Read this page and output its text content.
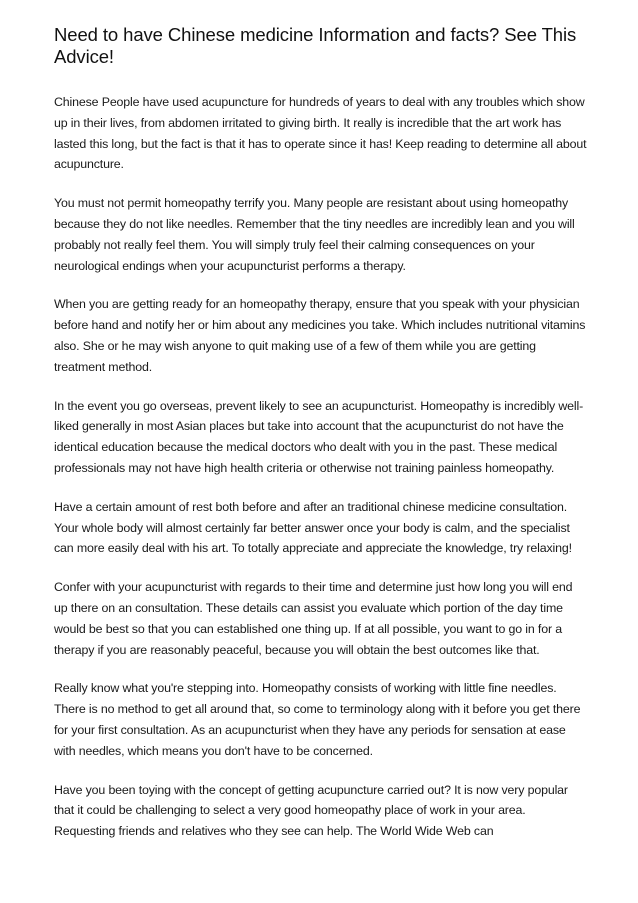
Need to have Chinese medicine Information and facts? See This Advice!

Chinese People have used acupuncture for hundreds of years to deal with any troubles which show up in their lives, from abdomen irritated to giving birth. It really is incredible that the art work has lasted this long, but the fact is that it has to operate since it has! Keep reading to determine all about acupuncture.

You must not permit homeopathy terrify you. Many people are resistant about using homeopathy because they do not like needles. Remember that the tiny needles are incredibly lean and you will probably not really feel them. You will simply truly feel their calming consequences on your neurological endings when your acupuncturist performs a therapy.

When you are getting ready for an homeopathy therapy, ensure that you speak with your physician before hand and notify her or him about any medicines you take. Which includes nutritional vitamins also. She or he may wish anyone to quit making use of a few of them while you are getting treatment method.

In the event you go overseas, prevent likely to see an acupuncturist. Homeopathy is incredibly well-liked generally in most Asian places but take into account that the acupuncturist do not have the identical education because the medical doctors who dealt with you in the past. These medical professionals may not have high health criteria or otherwise not training painless homeopathy.

Have a certain amount of rest both before and after an traditional chinese medicine consultation. Your whole body will almost certainly far better answer once your body is calm, and the specialist can more easily deal with his art. To totally appreciate and appreciate the knowledge, try relaxing!

Confer with your acupuncturist with regards to their time and determine just how long you will end up there on an consultation. These details can assist you evaluate which portion of the day time would be best so that you can established one thing up. If at all possible, you want to go in for a therapy if you are reasonably peaceful, because you will obtain the best outcomes like that.

Really know what you're stepping into. Homeopathy consists of working with little fine needles. There is no method to get all around that, so come to terminology along with it before you get there for your first consultation. As an acupuncturist when they have any periods for sensation at ease with needles, which means you don't have to be concerned.

Have you been toying with the concept of getting acupuncture carried out? It is now very popular that it could be challenging to select a very good homeopathy place of work in your area. Requesting friends and relatives who they see can help. The World Wide Web can
